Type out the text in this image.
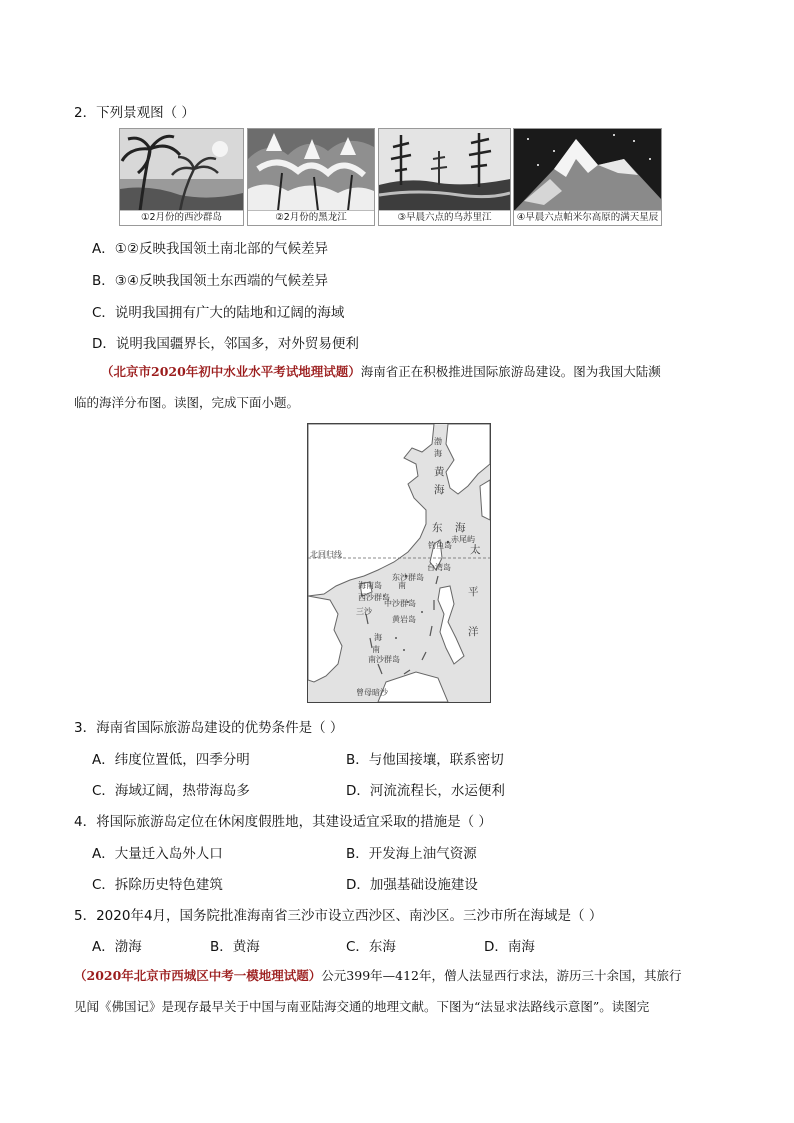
2．下列景观图（ ）
①2月份的西沙群岛	②2月份的黑龙江	③早晨六点的乌苏里江	④早晨六点帕米尔高原的满天星辰
A．①②反映我国领土南北部的气候差异
B．③④反映我国领土东西端的气候差异
C．说明我国拥有广大的陆地和辽阔的海域
D．说明我国疆界长，邻国多，对外贸易便利
（北京市2020年初中水业水平考试地理试题）海南省正在积极推进国际旅游岛建设。图为我国大陆濒
临的海洋分布图。读图，完成下面小题。
渤
海
黄
海
东 海
赤尾屿
钓鱼岛 太
北回归线
台湾岛
东沙群岛
海南岛 南
平
西沙群岛
中沙群岛
三沙
黄岩岛
洋
海
南
南沙群岛
曾母暗沙
3．海南省国际旅游岛建设的优势条件是（ ）
A．纬度位置低，四季分明	B．与他国接壤，联系密切
C．海域辽阔，热带海岛多	D．河流流程长，水运便利
4．将国际旅游岛定位在休闲度假胜地，其建设适宜采取的措施是（ ）
A．大量迁入岛外人口	B．开发海上油气资源
C．拆除历史特色建筑	D．加强基础设施建设
5．2020年4月，国务院批准海南省三沙市设立西沙区、南沙区。三沙市所在海域是（ ）
A．渤海	B．黄海	C．东海	D．南海
（2020年北京市西城区中考一模地理试题）公元399年—412年，僧人法显西行求法，游历三十余国，其旅行
见闻《佛国记》是现存最早关于中国与南亚陆海交通的地理文献。下图为“法显求法路线示意图”。读图完
